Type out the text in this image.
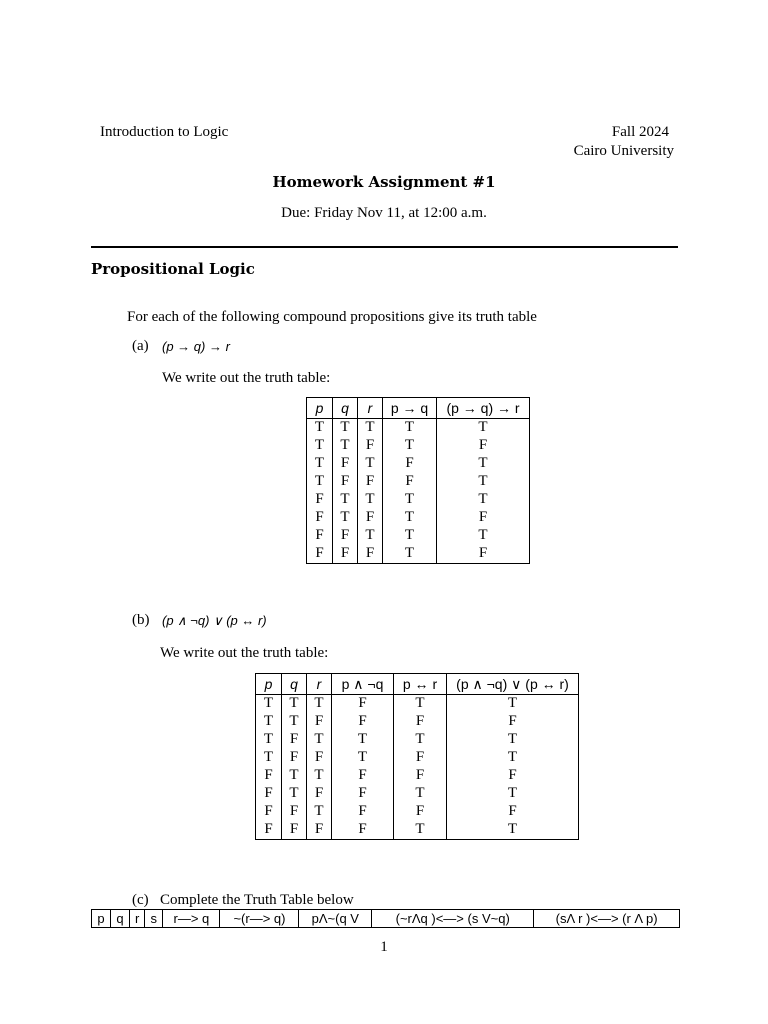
Introduction to Logic	Fall 2024
Cairo University
Homework Assignment #1
Due: Friday Nov 11, at 12:00 a.m.
Propositional Logic
For each of the following compound propositions give its truth table
(a) (p → q) → r
We write out the truth table:
p	q	r	p → q	(p → q) → r
T	T	T	T	T
T	T	F	T	F
T	F	T	F	T
T	F	F	F	T
F	T	T	T	T
F	T	F	T	F
F	F	T	T	T
F	F	F	T	F
(b) (p ∧ ¬q) ∨ (p ↔ r)
We write out the truth table:
p	q	r	p ∧ ¬q	p ↔ r	(p ∧ ¬q) ∨ (p ↔ r)
T	T	T	F	T	T
T	T	F	F	F	F
T	F	T	T	T	T
T	F	F	T	F	T
F	T	T	F	F	F
F	T	F	F	T	T
F	F	T	F	F	F
F	F	F	F	T	T
(c) Complete the Truth Table below
p	q	r	s	r—> q	~(r—> q)	pΛ~(q V	(~rΛq )<—> (s V~q)	(sΛ r )<—> (r Λ p)
1
